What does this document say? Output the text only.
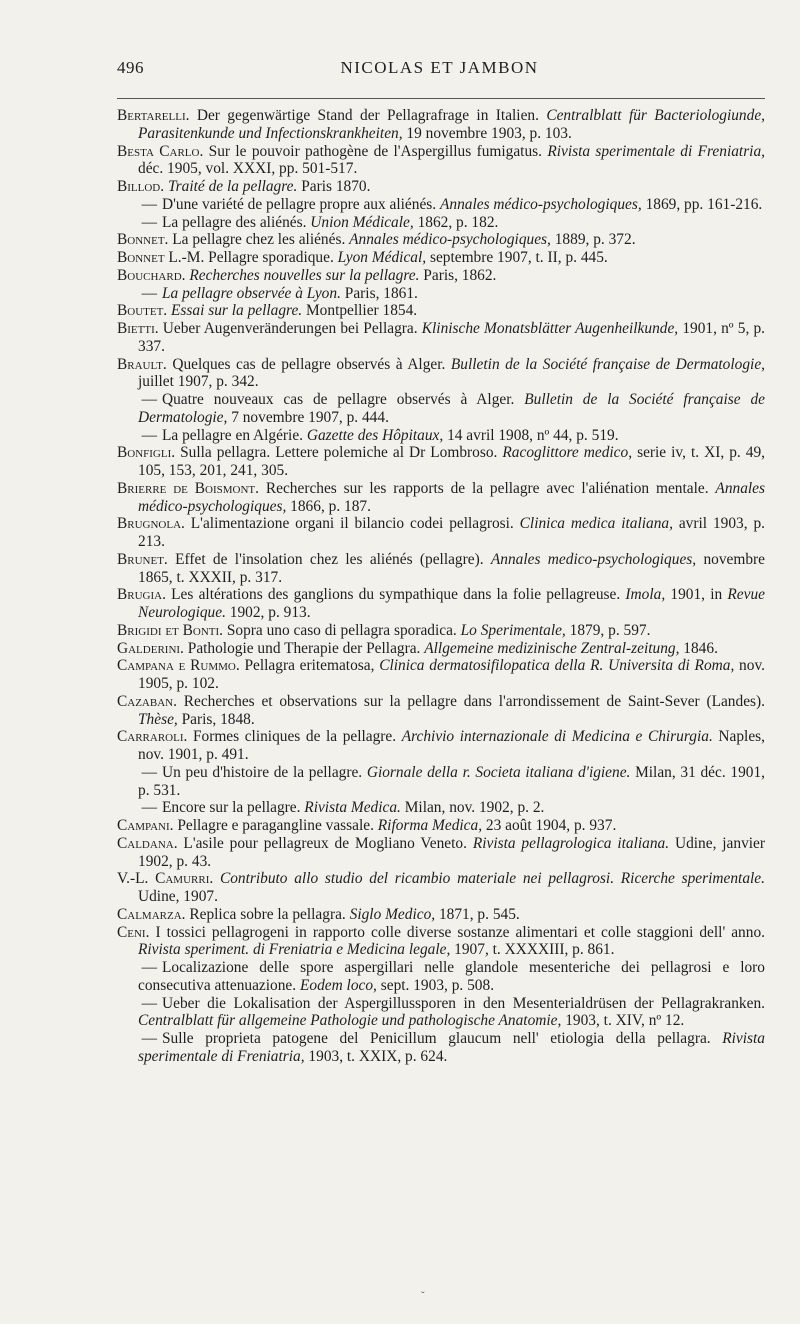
496	NICOLAS ET JAMBON

Bertarelli. Der gegenwärtige Stand der Pellagrafrage in Italien. Centralblatt für Bacteriologiunde, Parasitenkunde und Infectionskrankheiten, 19 novembre 1903, p. 103.

Besta Carlo. Sur le pouvoir pathogène de l'Aspergillus fumigatus. Rivista sperimentale di Freniatria, déc. 1905, vol. XXXI, pp. 501-517.

Billod. Traité de la pellagre. Paris 1870.

— D'une variété de pellagre propre aux aliénés. Annales médico-psychologiques, 1869, pp. 161-216.

— La pellagre des aliénés. Union Médicale, 1862, p. 182.

Bonnet. La pellagre chez les aliénés. Annales médico-psychologiques, 1889, p. 372.

Bonnet L.-M. Pellagre sporadique. Lyon Médical, septembre 1907, t. II, p. 445.

Bouchard. Recherches nouvelles sur la pellagre. Paris, 1862.

— La pellagre observée à Lyon. Paris, 1861.

Boutet. Essai sur la pellagre. Montpellier 1854.

Bietti. Ueber Augenveränderungen bei Pellagra. Klinische Monatsblätter Augenheilkunde, 1901, nº 5, p. 337.

Brault. Quelques cas de pellagre observés à Alger. Bulletin de la Société française de Dermatologie, juillet 1907, p. 342.

— Quatre nouveaux cas de pellagre observés à Alger. Bulletin de la Société française de Dermatologie, 7 novembre 1907, p. 444.

— La pellagre en Algérie. Gazette des Hôpitaux, 14 avril 1908, nº 44, p. 519.

Bonfigli. Sulla pellagra. Lettere polemiche al Dr Lombroso. Racoglittore medico, serie iv, t. XI, p. 49, 105, 153, 201, 241, 305.

Brierre de Boismont. Recherches sur les rapports de la pellagre avec l'aliénation mentale. Annales médico-psychologiques, 1866, p. 187.

Brugnola. L'alimentazione organi il bilancio codei pellagrosi. Clinica medica italiana, avril 1903, p. 213.

Brunet. Effet de l'insolation chez les aliénés (pellagre). Annales medico-psychologiques, novembre 1865, t. XXXII, p. 317.

Brugia. Les altérations des ganglions du sympathique dans la folie pellagreuse. Imola, 1901, in Revue Neurologique. 1902, p. 913.

Brigidi et Bonti. Sopra uno caso di pellagra sporadica. Lo Sperimentale, 1879, p. 597.

Galderini. Pathologie und Therapie der Pellagra. Allgemeine medizinische Zentral-zeitung, 1846.

Campana e Rummo. Pellagra eritematosa, Clinica dermatosifilopatica della R. Universita di Roma, nov. 1905, p. 102.

Cazaban. Recherches et observations sur la pellagre dans l'arrondissement de Saint-Sever (Landes). Thèse, Paris, 1848.

Carraroli. Formes cliniques de la pellagre. Archivio internazionale di Medicina e Chirurgia. Naples, nov. 1901, p. 491.

— Un peu d'histoire de la pellagre. Giornale della r. Societa italiana d'igiene. Milan, 31 déc. 1901, p. 531.

— Encore sur la pellagre. Rivista Medica. Milan, nov. 1902, p. 2.

Campani. Pellagre e paragangline vassale. Riforma Medica, 23 août 1904, p. 937.

Caldana. L'asile pour pellagreux de Mogliano Veneto. Rivista pellagrologica italiana. Udine, janvier 1902, p. 43.

V.-L. Camurri. Contributo allo studio del ricambio materiale nei pellagrosi. Ricerche sperimentale. Udine, 1907.

Calmarza. Replica sobre la pellagra. Siglo Medico, 1871, p. 545.

Ceni. I tossici pellagrogeni in rapporto colle diverse sostanze alimentari et colle staggioni dell' anno. Rivista speriment. di Freniatria e Medicina legale, 1907, t. XXXXIII, p. 861.

— Localizazione delle spore aspergillari nelle glandole mesenteriche dei pellagrosi e loro consecutiva attenuazione. Eodem loco, sept. 1903, p. 508.

— Ueber die Lokalisation der Aspergillussporen in den Mesenterialdrüsen der Pellagrakranken. Centralblatt für allgemeine Pathologie und pathologische Anatomie, 1903, t. XIV, nº 12.

— Sulle proprieta patogene del Penicillum glaucum nell' etiologia della pellagra. Rivista sperimentale di Freniatria, 1903, t. XXIX, p. 624.

ˇ
